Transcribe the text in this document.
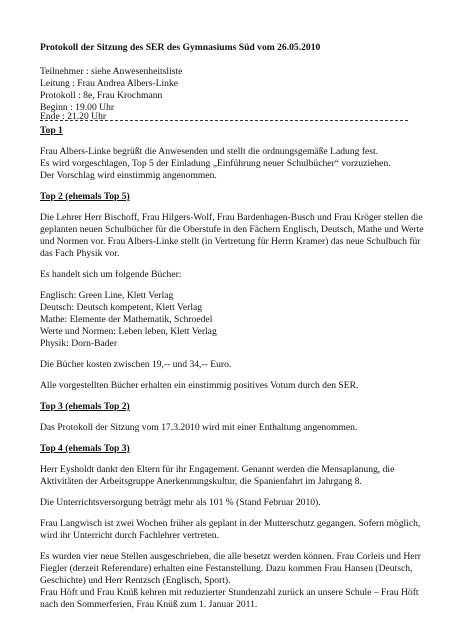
Protokoll der Sitzung des SER des Gymnasiums Süd vom 26.05.2010
Teilnehmer : siehe Anwesenheitsliste
Leitung : Frau Andrea Albers-Linke
Protokoll : 8e, Frau Krochmann
Beginn : 19.00 Uhr
Ende : 21.20 Uhr
Top 1
Frau Albers-Linke begrüßt die Anwesenden und stellt die ordnungsgemäße Ladung fest.
Es wird vorgeschlagen, Top 5 der Einladung „Einführung neuer Schulbücher“ vorzuziehen.
Der Vorschlag wird einstimmig angenommen.
Top 2 (ehemals Top 5)
Die Lehrer Herr Bischoff, Frau Hilgers-Wolf, Frau Bardenhagen-Busch und Frau Kröger stellen die
geplanten neuen Schulbücher für die Oberstufe in den Fächern Englisch, Deutsch, Mathe und Werte
und Normen vor. Frau Albers-Linke stellt (in Vertretung für Herrn Kramer) das neue Schulbuch für
das Fach Physik vor.
Es handelt sich um folgende Bücher:
Englisch: Green Line, Klett Verlag
Deutsch: Deutsch kompetent, Klett Verlag
Mathe: Elemente der Mathematik, Schroedel
Werte und Normen: Leben leben, Klett Verlag
Physik: Dorn-Bader
Die Bücher kosten zwischen 19,-- und 34,-- Euro.
Alle vorgestellten Bücher erhalten ein einstimmig positives Votum durch den SER.
Top 3 (ehemals Top 2)
Das Protokoll der Sitzung vom 17.3.2010 wird mit einer Enthaltung angenommen.
Top 4 (ehemals Top 3)
Herr Eysholdt dankt den Eltern für ihr Engagement. Genannt werden die Mensaplanung, die
Aktivitäten der Arbeitsgruppe Anerkennungskultur, die Spanienfahrt im Jahrgang 8.
Die Unterrichtsversorgung beträgt mehr als 101 % (Stand Februar 2010).
Frau Langwisch ist zwei Wochen früher als geplant in der Mutterschutz gegangen. Sofern möglich,
wird ihr Unterricht durch Fachlehrer vertreten.
Es wurden vier neue Stellen ausgeschrieben, die alle besetzt werden können. Frau Corleis und Herr
Fiegler (derzeit Referendare) erhalten eine Festanstellung. Dazu kommen Frau Hansen (Deutsch,
Geschichte) und Herr Rentzsch (Englisch, Sport).
Frau Höft und Frau Knüß kehren mit reduzierter Stundenzahl zurück an unsere Schule – Frau Höft
nach den Sommerferien, Frau Knüß zum 1. Januar 2011.
